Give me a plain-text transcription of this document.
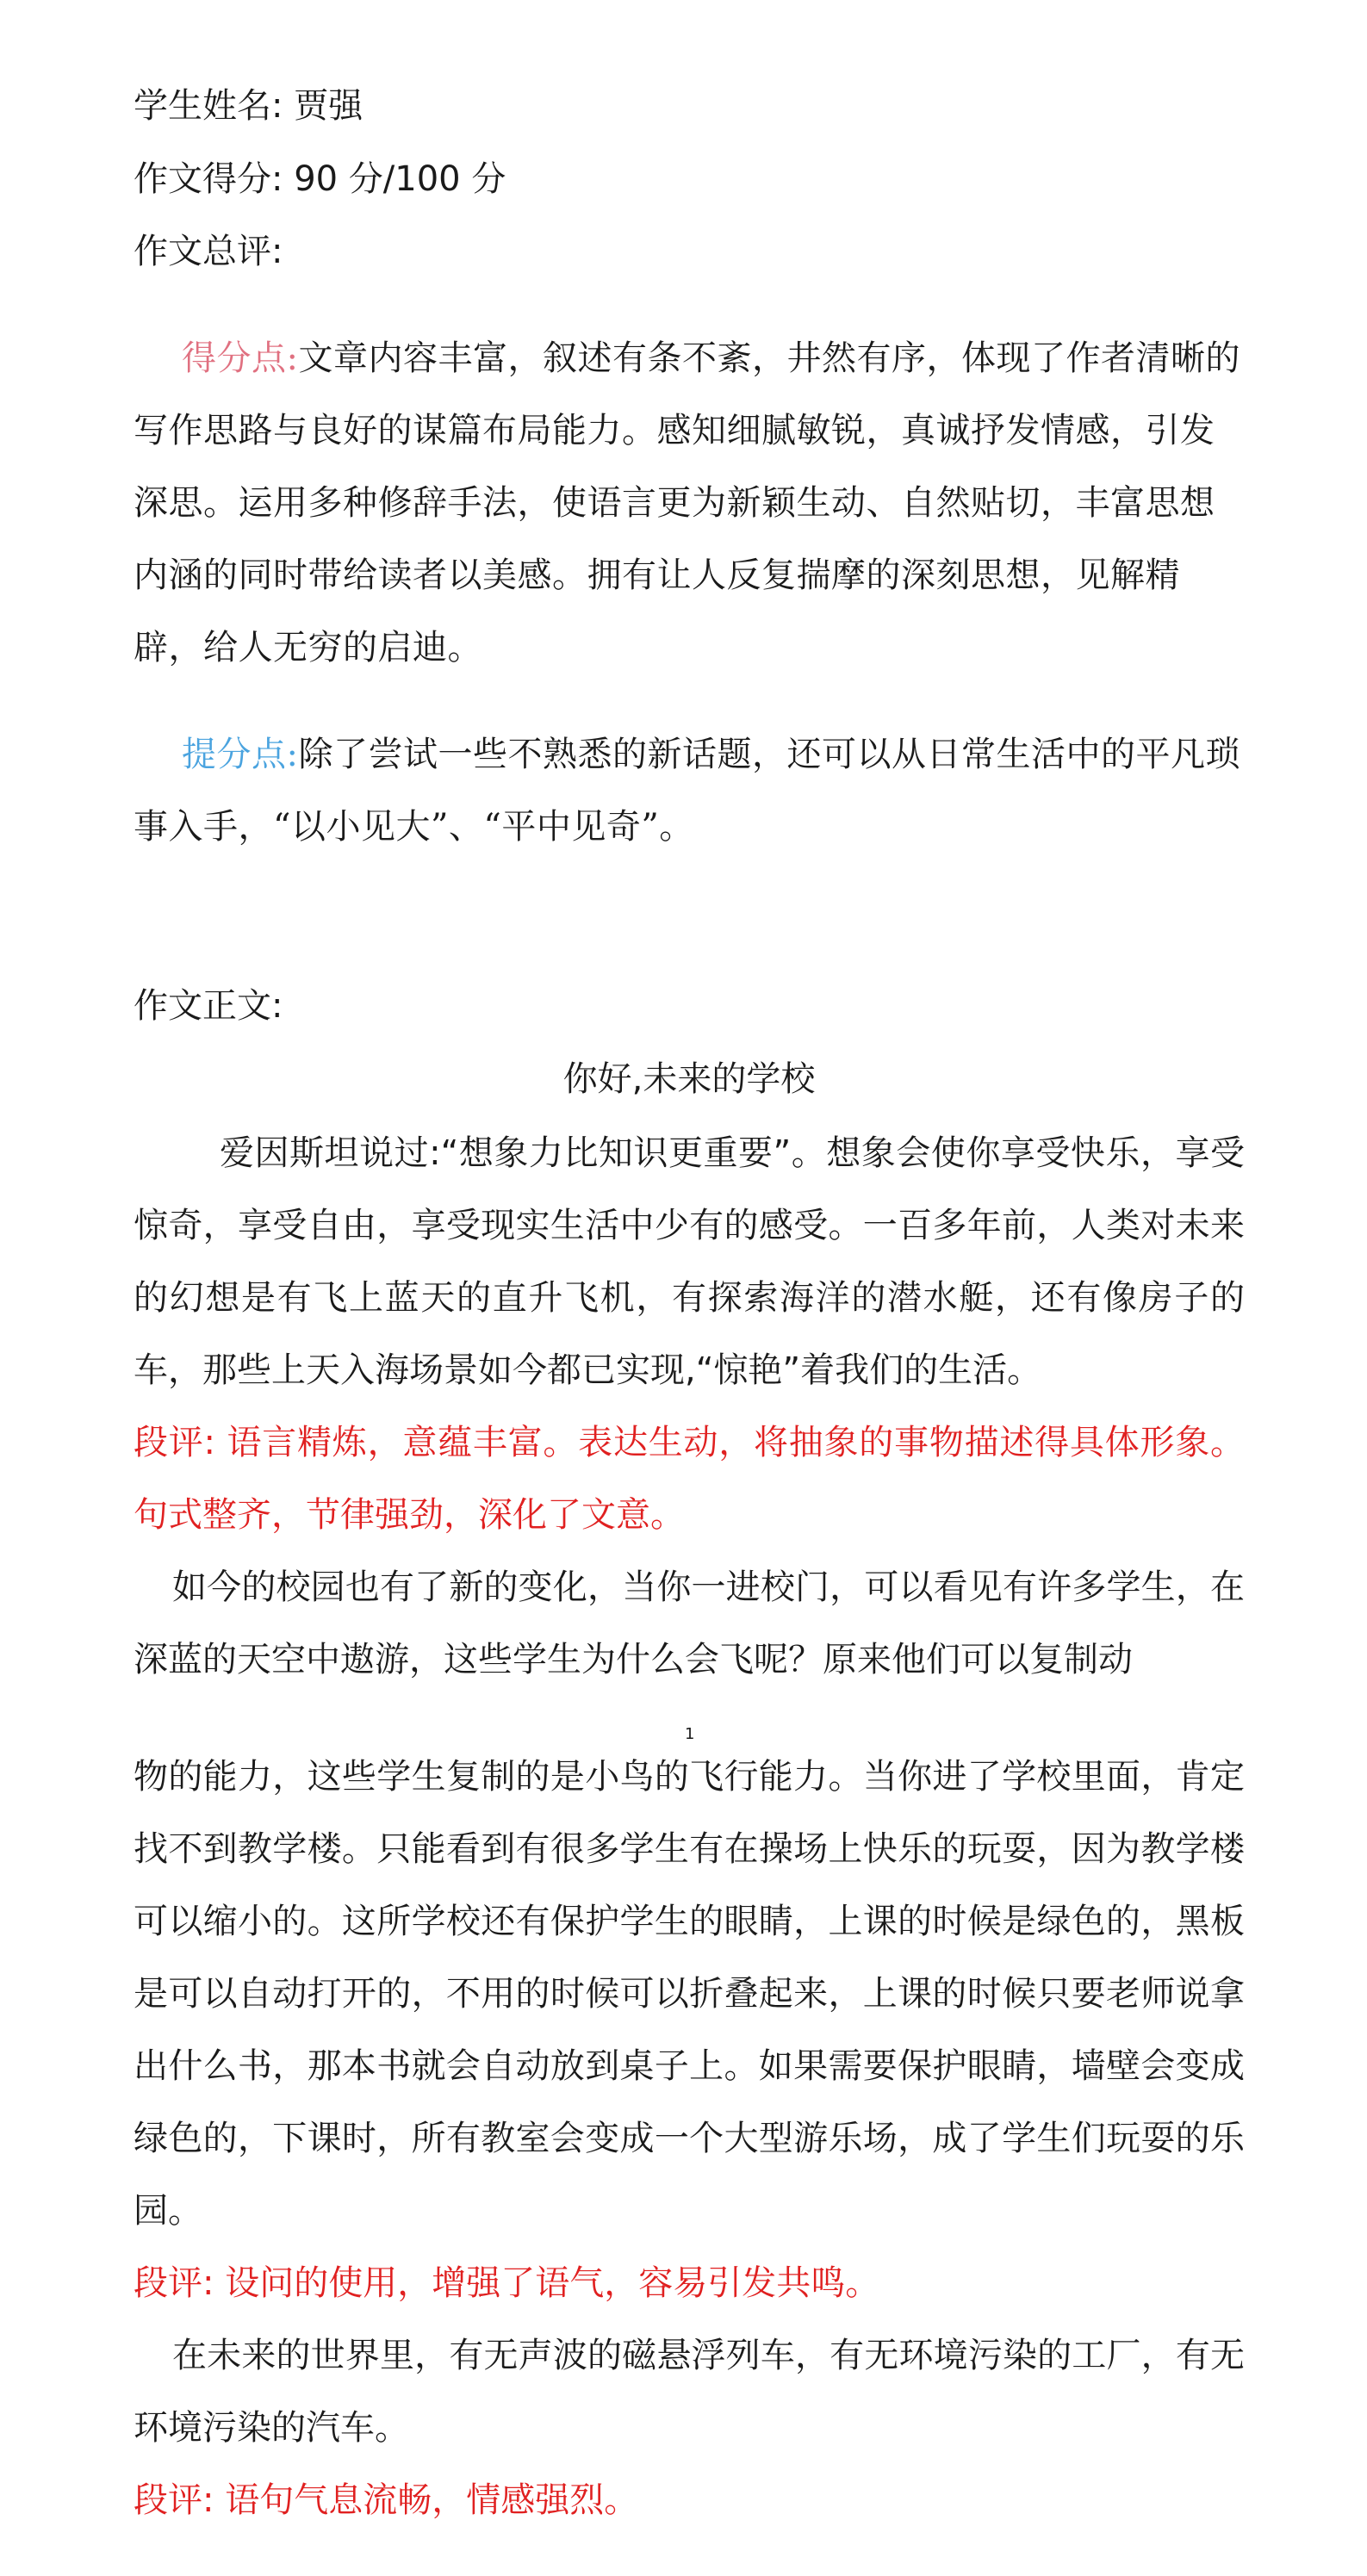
学生姓名: 贾强
作文得分: 90 分/100 分
作文总评:
得分点:文章内容丰富，叙述有条不紊，井然有序，体现了作者清晰的写作思路与良好的谋篇布局能力。感知细腻敏锐，真诚抒发情感，引发深思。运用多种修辞手法，使语言更为新颖生动、自然贴切，丰富思想内涵的同时带给读者以美感。拥有让人反复揣摩的深刻思想，见解精辟，给人无穷的启迪。
提分点:除了尝试一些不熟悉的新话题，还可以从日常生活中的平凡琐事入手，“以小见大”、“平中见奇”。
作文正文:
你好,未来的学校
爱因斯坦说过:“想象力比知识更重要”。想象会使你享受快乐，享受惊奇，享受自由，享受现实生活中少有的感受。一百多年前，人类对未来的幻想是有飞上蓝天的直升飞机，有探索海洋的潜水艇，还有像房子的车，那些上天入海场景如今都已实现,“惊艳”着我们的生活。
段评: 语言精炼，意蕴丰富。表达生动，将抽象的事物描述得具体形象。句式整齐，节律强劲，深化了文意。
如今的校园也有了新的变化，当你一进校门，可以看见有许多学生，在深蓝的天空中遨游，这些学生为什么会飞呢？原来他们可以复制动
1
物的能力，这些学生复制的是小鸟的飞行能力。当你进了学校里面，肯定找不到教学楼。只能看到有很多学生有在操场上快乐的玩耍，因为教学楼可以缩小的。这所学校还有保护学生的眼睛，上课的时候是绿色的，黑板是可以自动打开的，不用的时候可以折叠起来，上课的时候只要老师说拿出什么书，那本书就会自动放到桌子上。如果需要保护眼睛，墙壁会变成绿色的，下课时，所有教室会变成一个大型游乐场，成了学生们玩耍的乐园。
段评: 设问的使用，增强了语气，容易引发共鸣。
在未来的世界里，有无声波的磁悬浮列车，有无环境污染的工厂，有无环境污染的汽车。
段评: 语句气息流畅，情感强烈。
